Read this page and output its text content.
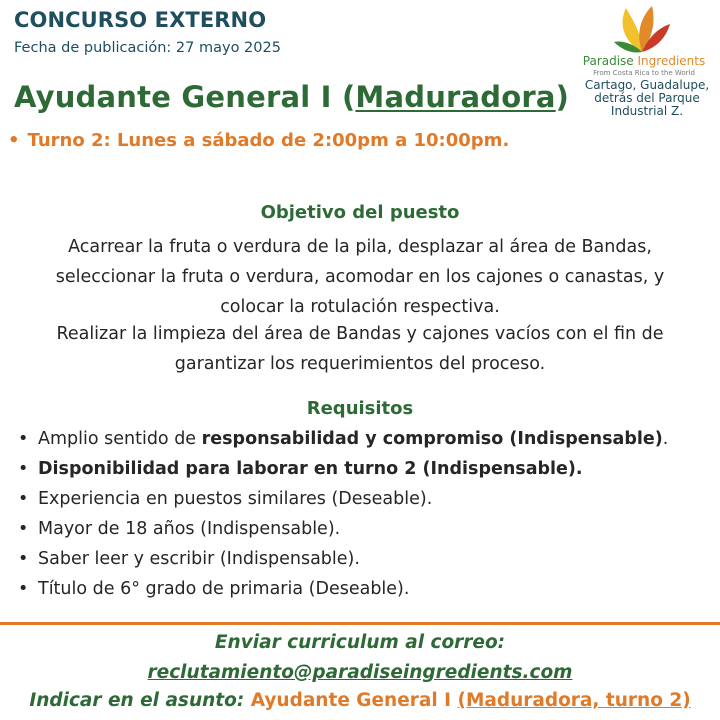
CONCURSO EXTERNO
Fecha de publicación: 27 mayo 2025
Ayudante General I (Maduradora)
• Turno 2: Lunes a sábado de 2:00pm a 10:00pm.
Paradise Ingredients
From Costa Rica to the World
Cartago, Guadalupe,
detrás del Parque
Industrial Z.
Objetivo del puesto
Acarrear la fruta o verdura de la pila, desplazar al área de Bandas,
seleccionar la fruta o verdura, acomodar en los cajones o canastas, y
colocar la rotulación respectiva.
Realizar la limpieza del área de Bandas y cajones vacíos con el fin de
garantizar los requerimientos del proceso.
Requisitos
• Amplio sentido de responsabilidad y compromiso (Indispensable).
• Disponibilidad para laborar en turno 2 (Indispensable).
• Experiencia en puestos similares (Deseable).
• Mayor de 18 años (Indispensable).
• Saber leer y escribir (Indispensable).
• Título de 6° grado de primaria (Deseable).
Enviar curriculum al correo:
reclutamiento@paradiseingredients.com
Indicar en el asunto: Ayudante General I (Maduradora, turno 2)
